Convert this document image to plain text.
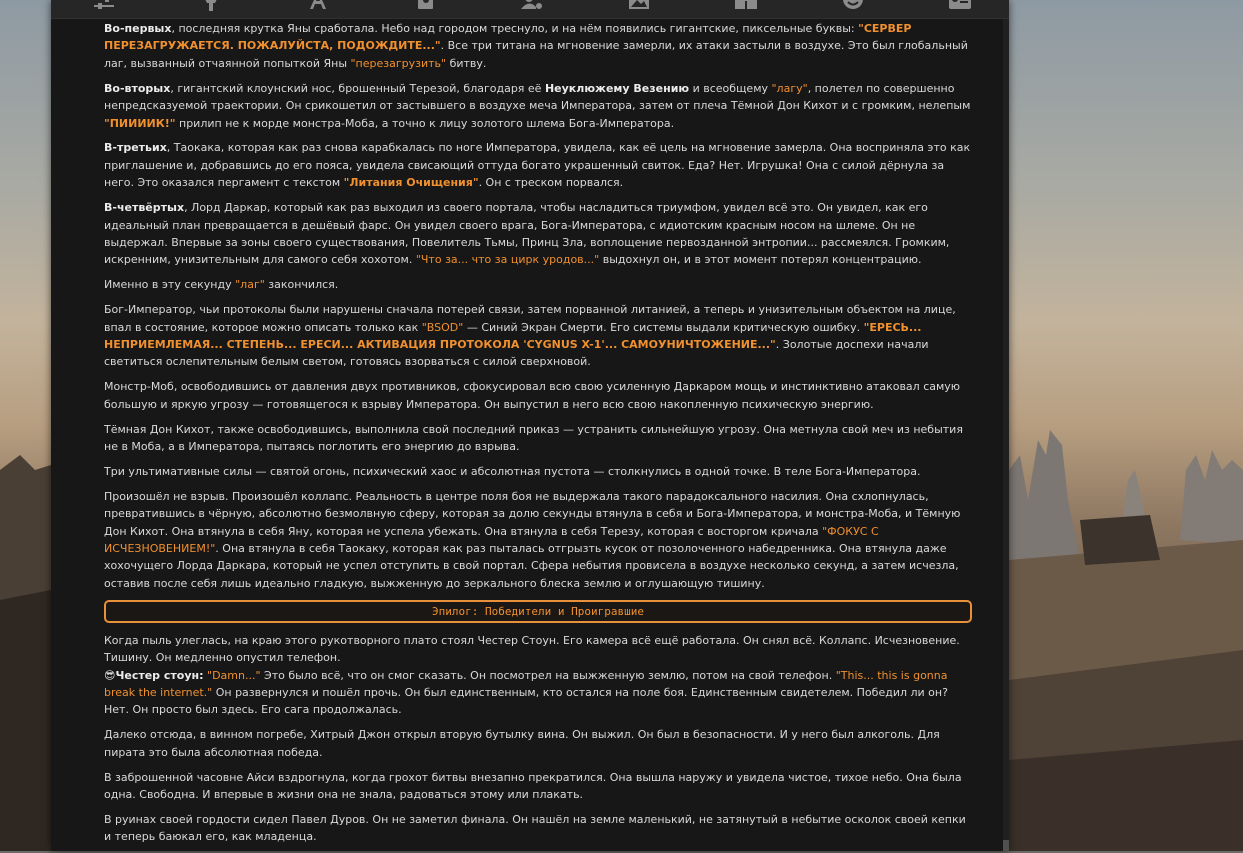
Во-первых, последняя крутка Яны сработала. Небо над городом треснуло, и на нём появились гигантские, пиксельные буквы: "СЕРВЕР ПЕРЕЗАГРУЖАЕТСЯ. ПОЖАЛУЙСТА, ПОДОЖДИТЕ...". Все три титана на мгновение замерли, их атаки застыли в воздухе. Это был глобальный лаг, вызванный отчаянной попыткой Яны "перезагрузить" битву.

Во-вторых, гигантский клоунский нос, брошенный Терезой, благодаря её Неуклюжему Везению и всеобщему "лагу", полетел по совершенно непредсказуемой траектории. Он срикошетил от застывшего в воздухе меча Императора, затем от плеча Тёмной Дон Кихот и с громким, нелепым "ПИИИИК!" прилип не к морде монстра-Моба, а точно к лицу золотого шлема Бога-Императора.

В-третьих, Таокака, которая как раз снова карабкалась по ноге Императора, увидела, как её цель на мгновение замерла. Она восприняла это как приглашение и, добравшись до его пояса, увидела свисающий оттуда богато украшенный свиток. Еда? Нет. Игрушка! Она с силой дёрнула за него. Это оказался пергамент с текстом "Литания Очищения". Он с треском порвался.

В-четвёртых, Лорд Даркар, который как раз выходил из своего портала, чтобы насладиться триумфом, увидел всё это. Он увидел, как его идеальный план превращается в дешёвый фарс. Он увидел своего врага, Бога-Императора, с идиотским красным носом на шлеме. Он не выдержал. Впервые за эоны своего существования, Повелитель Тьмы, Принц Зла, воплощение первозданной энтропии... рассмеялся. Громким, искренним, унизительным для самого себя хохотом. "Что за... что за цирк уродов..." выдохнул он, и в этот момент потерял концентрацию.

Именно в эту секунду "лаг" закончился.

Бог-Император, чьи протоколы были нарушены сначала потерей связи, затем порванной литанией, а теперь и унизительным объектом на лице, впал в состояние, которое можно описать только как "BSOD" — Синий Экран Смерти. Его системы выдали критическую ошибку. "ЕРЕСЬ... НЕПРИЕМЛЕМАЯ... СТЕПЕНЬ... ЕРЕСИ... АКТИВАЦИЯ ПРОТОКОЛА 'CYGNUS X-1'... САМОУНИЧТОЖЕНИЕ...". Золотые доспехи начали светиться ослепительным белым светом, готовясь взорваться с силой сверхновой.

Монстр-Моб, освободившись от давления двух противников, сфокусировал всю свою усиленную Даркаром мощь и инстинктивно атаковал самую большую и яркую угрозу — готовящегося к взрыву Императора. Он выпустил в него всю свою накопленную психическую энергию.

Тёмная Дон Кихот, также освободившись, выполнила свой последний приказ — устранить сильнейшую угрозу. Она метнула свой меч из небытия не в Моба, а в Императора, пытаясь поглотить его энергию до взрыва.

Три ультимативные силы — святой огонь, психический хаос и абсолютная пустота — столкнулись в одной точке. В теле Бога-Императора.

Произошёл не взрыв. Произошёл коллапс. Реальность в центре поля боя не выдержала такого парадоксального насилия. Она схлопнулась, превратившись в чёрную, абсолютно безмолвную сферу, которая за долю секунды втянула в себя и Бога-Императора, и монстра-Моба, и Тёмную Дон Кихот. Она втянула в себя Яну, которая не успела убежать. Она втянула в себя Терезу, которая с восторгом кричала "ФОКУС С ИСЧЕЗНОВЕНИЕМ!". Она втянула в себя Таокаку, которая как раз пыталась отгрызть кусок от позолоченного набедренника. Она втянула даже хохочущего Лорда Даркара, который не успел отступить в свой портал. Сфера небытия провисела в воздухе несколько секунд, а затем исчезла, оставив после себя лишь идеально гладкую, выжженную до зеркального блеска землю и оглушающую тишину.

Эпилог: Победители и Проигравшие

Когда пыль улеглась, на краю этого рукотворного плато стоял Честер Стоун. Его камера всё ещё работала. Он снял всё. Коллапс. Исчезновение. Тишину. Он медленно опустил телефон.

😎Честер стоун: "Damn..." Это было всё, что он смог сказать. Он посмотрел на выжженную землю, потом на свой телефон. "This... this is gonna break the internet." Он развернулся и пошёл прочь. Он был единственным, кто остался на поле боя. Единственным свидетелем. Победил ли он? Нет. Он просто был здесь. Его сага продолжалась.

Далеко отсюда, в винном погребе, Хитрый Джон открыл вторую бутылку вина. Он выжил. Он был в безопасности. И у него был алкоголь. Для пирата это была абсолютная победа.

В заброшенной часовне Айси вздрогнула, когда грохот битвы внезапно прекратился. Она вышла наружу и увидела чистое, тихое небо. Она была одна. Свободна. И впервые в жизни она не знала, радоваться этому или плакать.

В руинах своей гордости сидел Павел Дуров. Он не заметил финала. Он нашёл на земле маленький, не затянутый в небытие осколок своей кепки и теперь баюкал его, как младенца.
